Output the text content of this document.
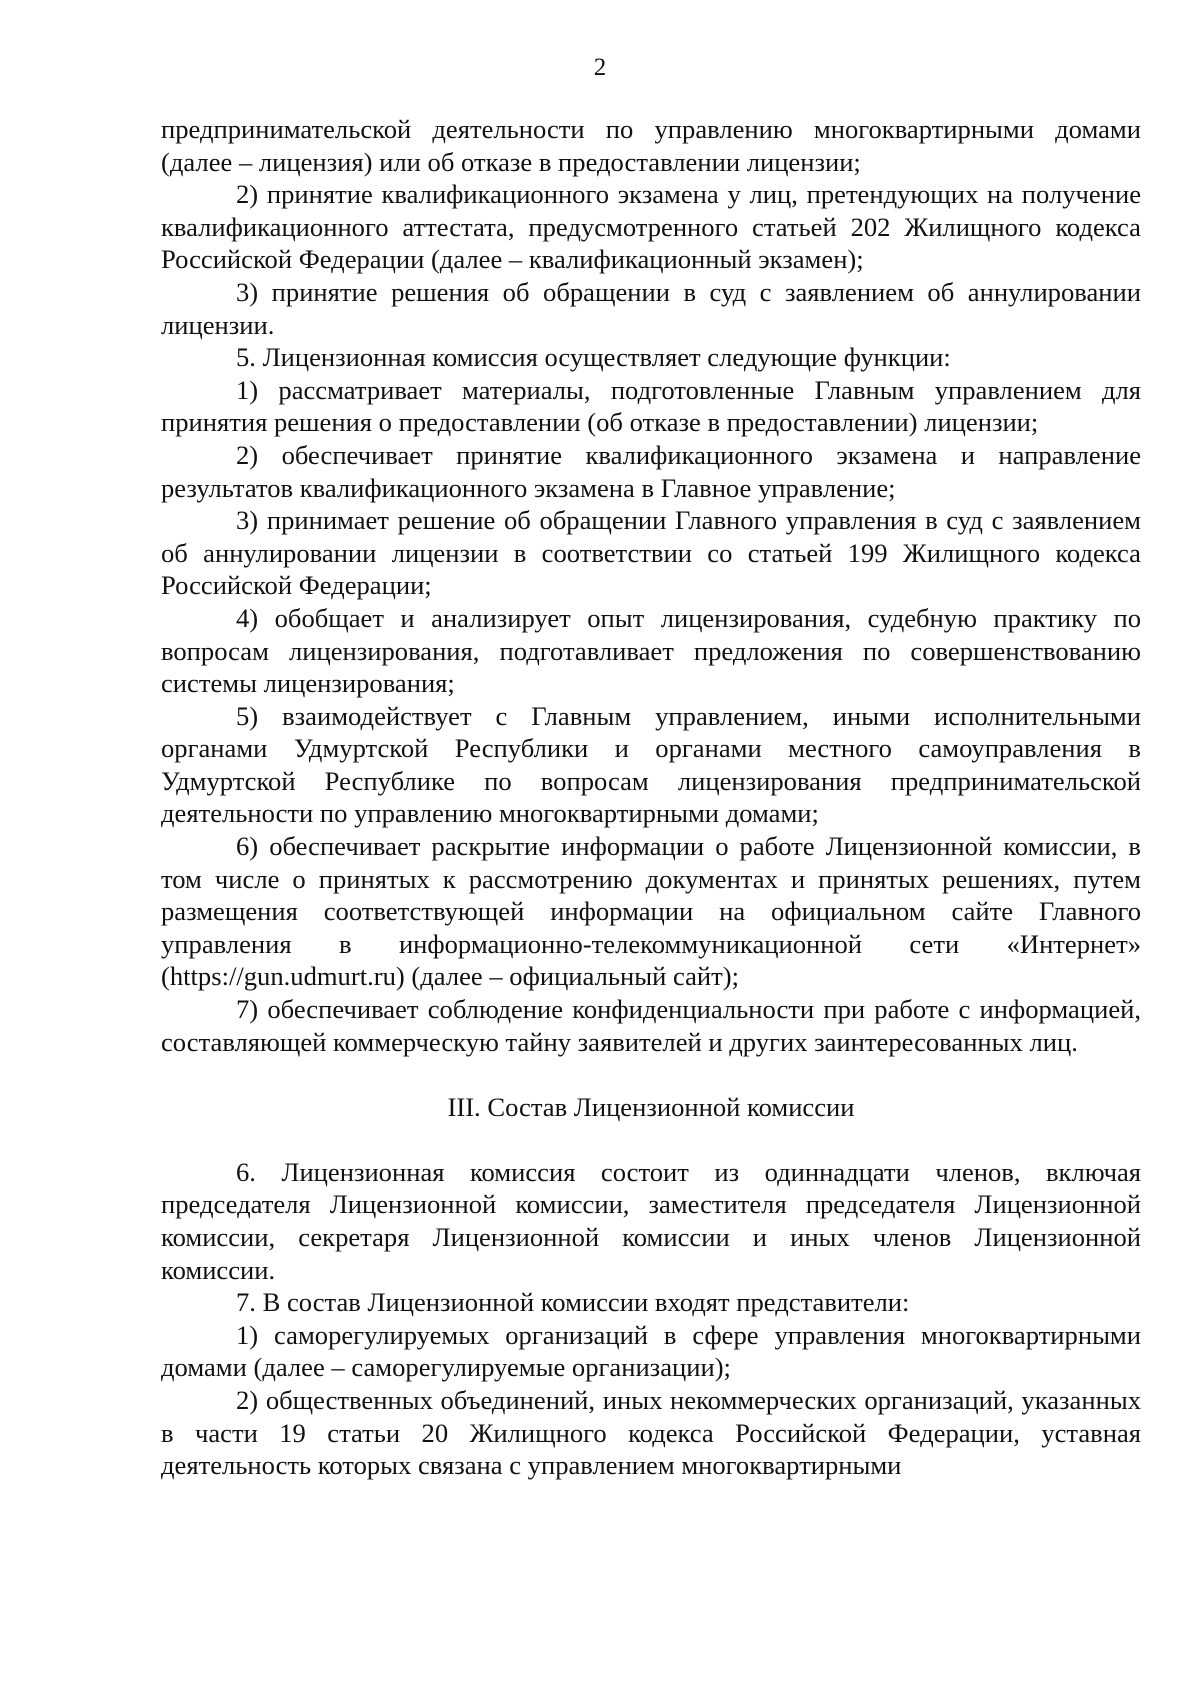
2

предпринимательской деятельности по управлению многоквартирными домами (далее – лицензия) или об отказе в предоставлении лицензии;

2) принятие квалификационного экзамена у лиц, претендующих на получение квалификационного аттестата, предусмотренного статьей 202 Жилищного кодекса Российской Федерации (далее – квалификационный экзамен);

3) принятие решения об обращении в суд с заявлением об аннулировании лицензии.

5. Лицензионная комиссия осуществляет следующие функции:

1) рассматривает материалы, подготовленные Главным управлением для принятия решения о предоставлении (об отказе в предоставлении) лицензии;

2) обеспечивает принятие квалификационного экзамена и направление результатов квалификационного экзамена в Главное управление;

3) принимает решение об обращении Главного управления в суд с заявлением об аннулировании лицензии в соответствии со статьей 199 Жилищного кодекса Российской Федерации;

4) обобщает и анализирует опыт лицензирования, судебную практику по вопросам лицензирования, подготавливает предложения по совершенствованию системы лицензирования;

5) взаимодействует с Главным управлением, иными исполнительными органами Удмуртской Республики и органами местного самоуправления в Удмуртской Республике по вопросам лицензирования предпринимательской деятельности по управлению многоквартирными домами;

6) обеспечивает раскрытие информации о работе Лицензионной комиссии, в том числе о принятых к рассмотрению документах и принятых решениях, путем размещения соответствующей информации на официальном сайте Главного управления в информационно-телекоммуникационной сети «Интернет» (https://gun.udmurt.ru) (далее – официальный сайт);

7) обеспечивает соблюдение конфиденциальности при работе с информацией, составляющей коммерческую тайну заявителей и других заинтересованных лиц.

III. Состав Лицензионной комиссии

6. Лицензионная комиссия состоит из одиннадцати членов, включая председателя Лицензионной комиссии, заместителя председателя Лицензионной комиссии, секретаря Лицензионной комиссии и иных членов Лицензионной комиссии.

7. В состав Лицензионной комиссии входят представители:

1) саморегулируемых организаций в сфере управления многоквартирными домами (далее – саморегулируемые организации);

2) общественных объединений, иных некоммерческих организаций, указанных в части 19 статьи 20 Жилищного кодекса Российской Федерации, уставная деятельность которых связана с управлением многоквартирными
